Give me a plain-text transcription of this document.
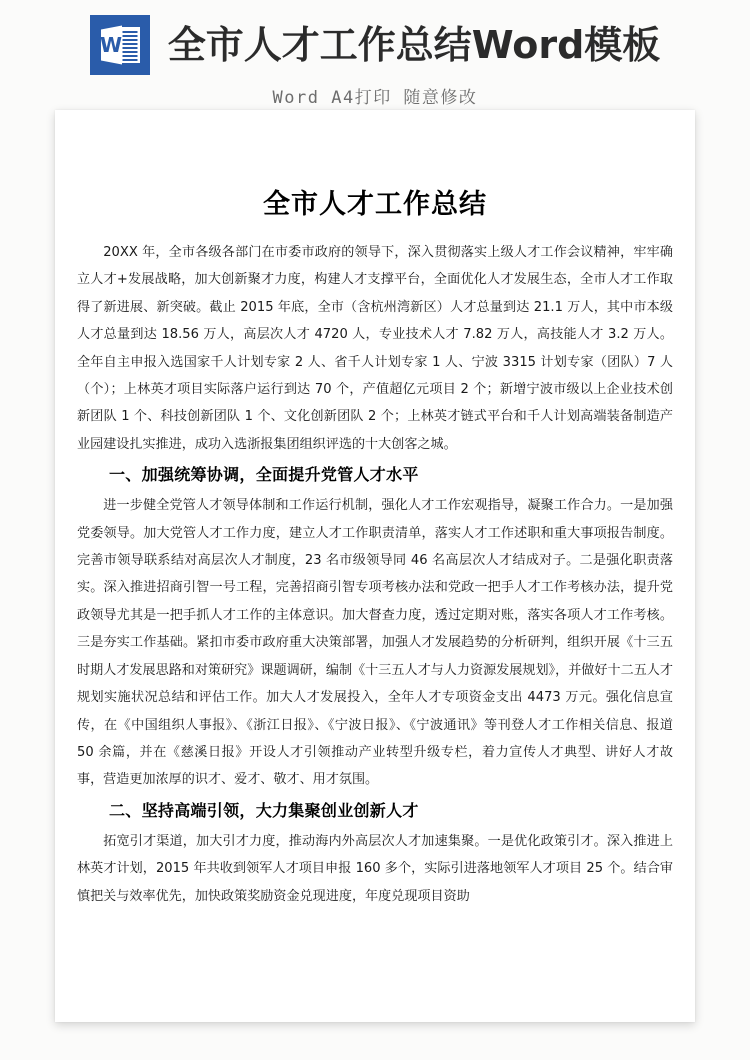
W 全市人才工作总结Word模板
Word A4打印 随意修改
全市人才工作总结

20XX 年，全市各级各部门在市委市政府的领导下，深入贯彻落实上级人才工作会议精神，牢牢确立人才+发展战略，加大创新聚才力度，构建人才支撑平台，全面优化人才发展生态，全市人才工作取得了新进展、新突破。截止 2015 年底，全市（含杭州湾新区）人才总量到达 21.1 万人，其中市本级人才总量到达 18.56 万人，高层次人才 4720 人，专业技术人才 7.82 万人，高技能人才 3.2 万人。全年自主申报入选国家千人计划专家 2 人、省千人计划专家 1 人、宁波 3315 计划专家（团队）7 人（个）；上林英才项目实际落户运行到达 70 个，产值超亿元项目 2 个；新增宁波市级以上企业技术创新团队 1 个、科技创新团队 1 个、文化创新团队 2 个；上林英才链式平台和千人计划高端装备制造产业园建设扎实推进，成功入选浙报集团组织评选的十大创客之城。

一、加强统筹协调，全面提升党管人才水平

进一步健全党管人才领导体制和工作运行机制，强化人才工作宏观指导，凝聚工作合力。一是加强党委领导。加大党管人才工作力度，建立人才工作职责清单，落实人才工作述职和重大事项报告制度。完善市领导联系结对高层次人才制度，23 名市级领导同 46 名高层次人才结成对子。二是强化职责落实。深入推进招商引智一号工程，完善招商引智专项考核办法和党政一把手人才工作考核办法，提升党政领导尤其是一把手抓人才工作的主体意识。加大督查力度，透过定期对账，落实各项人才工作考核。三是夯实工作基础。紧扣市委市政府重大决策部署，加强人才发展趋势的分析研判，组织开展《十三五时期人才发展思路和对策研究》课题调研，编制《十三五人才与人力资源发展规划》，并做好十二五人才规划实施状况总结和评估工作。加大人才发展投入，全年人才专项资金支出 4473 万元。强化信息宣传，在《中国组织人事报》、《浙江日报》、《宁波日报》、《宁波通讯》等刊登人才工作相关信息、报道 50 余篇，并在《慈溪日报》开设人才引领推动产业转型升级专栏，着力宣传人才典型、讲好人才故事，营造更加浓厚的识才、爱才、敬才、用才氛围。

二、坚持高端引领，大力集聚创业创新人才

拓宽引才渠道，加大引才力度，推动海内外高层次人才加速集聚。一是优化政策引才。深入推进上林英才计划，2015 年共收到领军人才项目申报 160 多个，实际引进落地领军人才项目 25 个。结合审慎把关与效率优先，加快政策奖励资金兑现进度，年度兑现项目资助
